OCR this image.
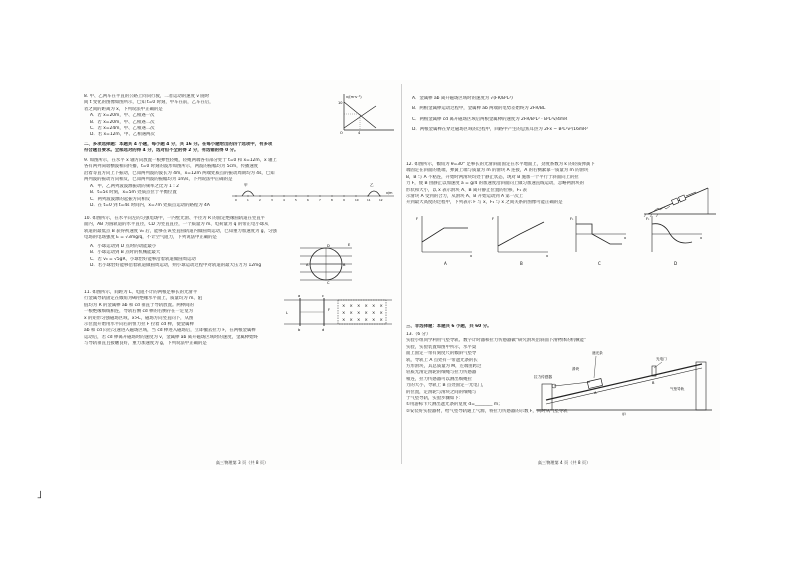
8. 甲、乙两车在平直的公路上同向行驶，二者运动的速度 v 随时
间 t 变化的图像如图所示，已知 t=0 时刻，甲车在前，乙车在后，
者之间的距离为 x，下列说法中正确的是
A．若 x=20m，甲、乙相遇一次
B．若 x=20m，甲、乙相遇二次
C．若 x=24m，甲、乙相遇二次
D．若 x=12m，甲、乙相遇两次
v/(m·s⁻¹)
10
4
O
二、多项选择题：本题共 4 小题，每小题 4 分，共 16 分。在每小题给出的四个选项中，有多项
符合题目要求。全部选对的得 4 分，选对但不全的得 2 分，有选错的得 0 分。
9. 如图所示，在水平 x 轴方向放置一根弹性轻绳，轻绳两端各有部分处于 t=0 和 x=12m，x 轴上
各有两列简谐横波相向传播，t=0 时刻的波形如图所示，两波的振幅均为 5cm，传播速度
沿着等直方向上下振动，已知两列波的波长为 4m，x=12m 两端处质点的振动周期均为 4s，已知
两列波的振动方向相反，已知两列波的振幅均为 1m/s，下列说法中正确的是
甲	乙
x/m
0	1	2	3	4	5	6	7	8	9	10	11	12
A．甲、乙两列波波源振动的频率之比为 1 : 2
B．t=5s 时刻，x=5m 处质点位于平衡位置
C．两列波波源的起振方向相反
D．在 t=0 到 t=4s 时间内，x=7m 处质点运动的路程为 4A
10. 如图所示，在水平向左的匀强电场中，一内壁光滑、半径为 R 的固定绝缘圆轨道在竖直平
面内，AB 为圆轨道的水平直径，CD 为竖直直径，一个质量为 m、电荷量为 q 的带正电小球从
轨道的最低点 B 获得初速度 v₀ 后，能够在该竖直圆轨道内做圆周运动，已知重力加速度为 g，匀强
电场的电场强度 E = √3mg/q，不计空气阻力，下列说法中正确的是
A．小球运动到 D 点时的动能最小
B．小球运动到 B 点时的机械能最大
C．若 v₀ = √5gR，小球恰好能够沿着轨道做圆周运动
D．若小球恰好能够沿着轨道做圆周运动，则小球运动过程中对轨道的最大压力为 12mg	A	B
C
D	E
11. 如图所示，间距为 L、电阻不计的两根足够长的光滑平
行金属导轨固定在倾角为θ的绝缘水平面上，质量均为 m、阻
值均为 R 的金属棒 ab 和 cd 垂直于导轨放置。两棒间的
一根绝缘细线相连，导轨右侧 cd 棒的右侧存在一定宽为
x 的矩形匀强磁场区域，x>L，磁场方向竖直向下，从图
示位置开始用水平向右的恒力拉 F 拉着 cd 棒，使金属棒
ab 和 cd 向右匀速进入磁场区域，当 cd 棒进入磁场后，立即撤去拉力 F，在两根金属棒
运动后，若 cd 棒离开磁场时的速度为 v，金属棒 ab 离开磁场区域时的速度，金属棒始终
与导轨垂直且接触良好，重力加速度为 g，下列说法中正确的是
× × × × × ×
× × × × × ×
× × × × × ×
a
b
c
d
F
L
高三物理第 3 页（共 8 页）
A．金属棒 ab 离开磁场区域时的速度为 √(FR/B²L²)
B．两根金属棒运动过程中，金属棒 ab 两端的电势差始终为 2FR/BL
C．两根金属棒 cd 离开磁场区域后两根金属棒的速度为 2FR/B²L² · B²L²v/4mR
D．两根金属棒在穿过磁场区域的过程中，回路中产生的总焦耳热为 2Fx − B²L²v²/16mR²
12. 如图所示，倾角为 θ=30° 足够长的光滑斜面固定在水平地面上，劲度系数为 k 的轻质弹簧下
端固定在斜面的底端，弹簧上端与质量为 m 的滑块 A 连接，A 的右侧紧靠一质量为 m 的滑块
B，B 与 A 不粘连，开始时两滑块均处于静止状态，现对 B 施加一个平行于斜面向上的拉
力 F，使 B 由静止以加速度 a = g/4 的加速度沿斜面向上做匀加速直线运动，忽略两滑块的
形状和大小，以 x 表示滑块 A、B 离开静止位置的位移，F₁ 表
示滑块 A 受到的合力，从滑块 A、B 开始运动到 A 第一次上
升到最大高度的过程中，下列表示 F 与 x，F₁ 与 x 之间关系的图像可能正确的是
F
x
A
F
x
B
F₁
x
C
F₁
x
D
三、非选择题：本题共 6 小题，共 60 分。
13.（6 分）
实验小组同学利用气垫导轨、数字计时器和拉力传感器做“研究滑块沿斜面下滑物体的机械能”
实验，实验装置如图甲所示，水平桌
面上固定一带有刻度尺的倾斜气垫导
轨，导轨上 A 点处有一带遮光条的长
方形滑块，其总质量为 M，左端由跨过
轻质光滑定滑轮的细绳与拉力传感器
相连，拉力传感器可以测出细绳拉
力的大小，导轨上 B 点处固定一光电门，
的位置，定滑轮与滑块之间的细绳与
于气垫导轨，实验步骤如下：
①用游标卡尺测出遮光条的宽度 d=________ m；
②安装好实验器材，给气垫导轨通上气源，将拉力传感器的示数 F，同时从气垫导轨
遮光条
滑块
光电门
拉力传感器
气垫导轨
甲
A
B
高三物理第 4 页（共 8 页）
˩
